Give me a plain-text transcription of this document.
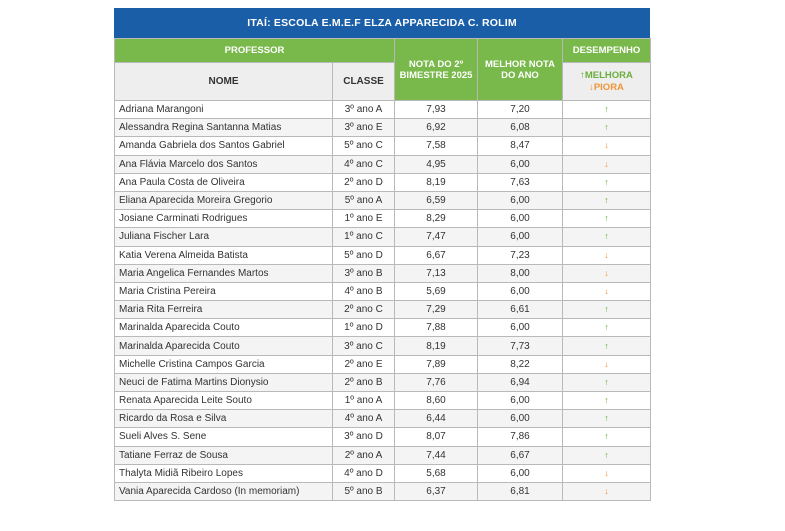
ITAÍ: ESCOLA E.M.E.F ELZA APPARECIDA C. ROLIM
PROFESSOR		NOTA DO 2º BIMESTRE 2025	MELHOR NOTA DO ANO	DESEMPENHO
NOME	CLASSE			↑MELHORA
↓PIORA

Adriana Marangoni	3º ano A	7,93	7,20	↑
Alessandra Regina Santanna Matias	3º ano E	6,92	6,08	↑
Amanda Gabriela dos Santos Gabriel	5º ano C	7,58	8,47	↓
Ana Flávia Marcelo dos Santos	4º ano C	4,95	6,00	↓
Ana Paula Costa de Oliveira	2º ano D	8,19	7,63	↑
Eliana Aparecida Moreira Gregorio	5º ano A	6,59	6,00	↑
Josiane Carminati Rodrigues	1º ano E	8,29	6,00	↑
Juliana Fischer Lara	1º ano C	7,47	6,00	↑
Katia Verena Almeida Batista	5º ano D	6,67	7,23	↓
Maria Angelica Fernandes Martos	3º ano B	7,13	8,00	↓
Maria Cristina Pereira	4º ano B	5,69	6,00	↓
Maria Rita Ferreira	2º ano C	7,29	6,61	↑
Marinalda Aparecida Couto	1º ano D	7,88	6,00	↑
Marinalda Aparecida Couto	3º ano C	8,19	7,73	↑
Michelle Cristina Campos Garcia	2º ano E	7,89	8,22	↓
Neuci de Fatima Martins Dionysio	2º ano B	7,76	6,94	↑
Renata Aparecida Leite Souto	1º ano A	8,60	6,00	↑
Ricardo da Rosa e Silva	4º ano A	6,44	6,00	↑
Sueli Alves S. Sene	3º ano D	8,07	7,86	↑
Tatiane Ferraz de Sousa	2º ano A	7,44	6,67	↑
Thalyta Midiã Ribeiro Lopes	4º ano D	5,68	6,00	↓
Vania Aparecida Cardoso (In memoriam)	5º ano B	6,37	6,81	↓
